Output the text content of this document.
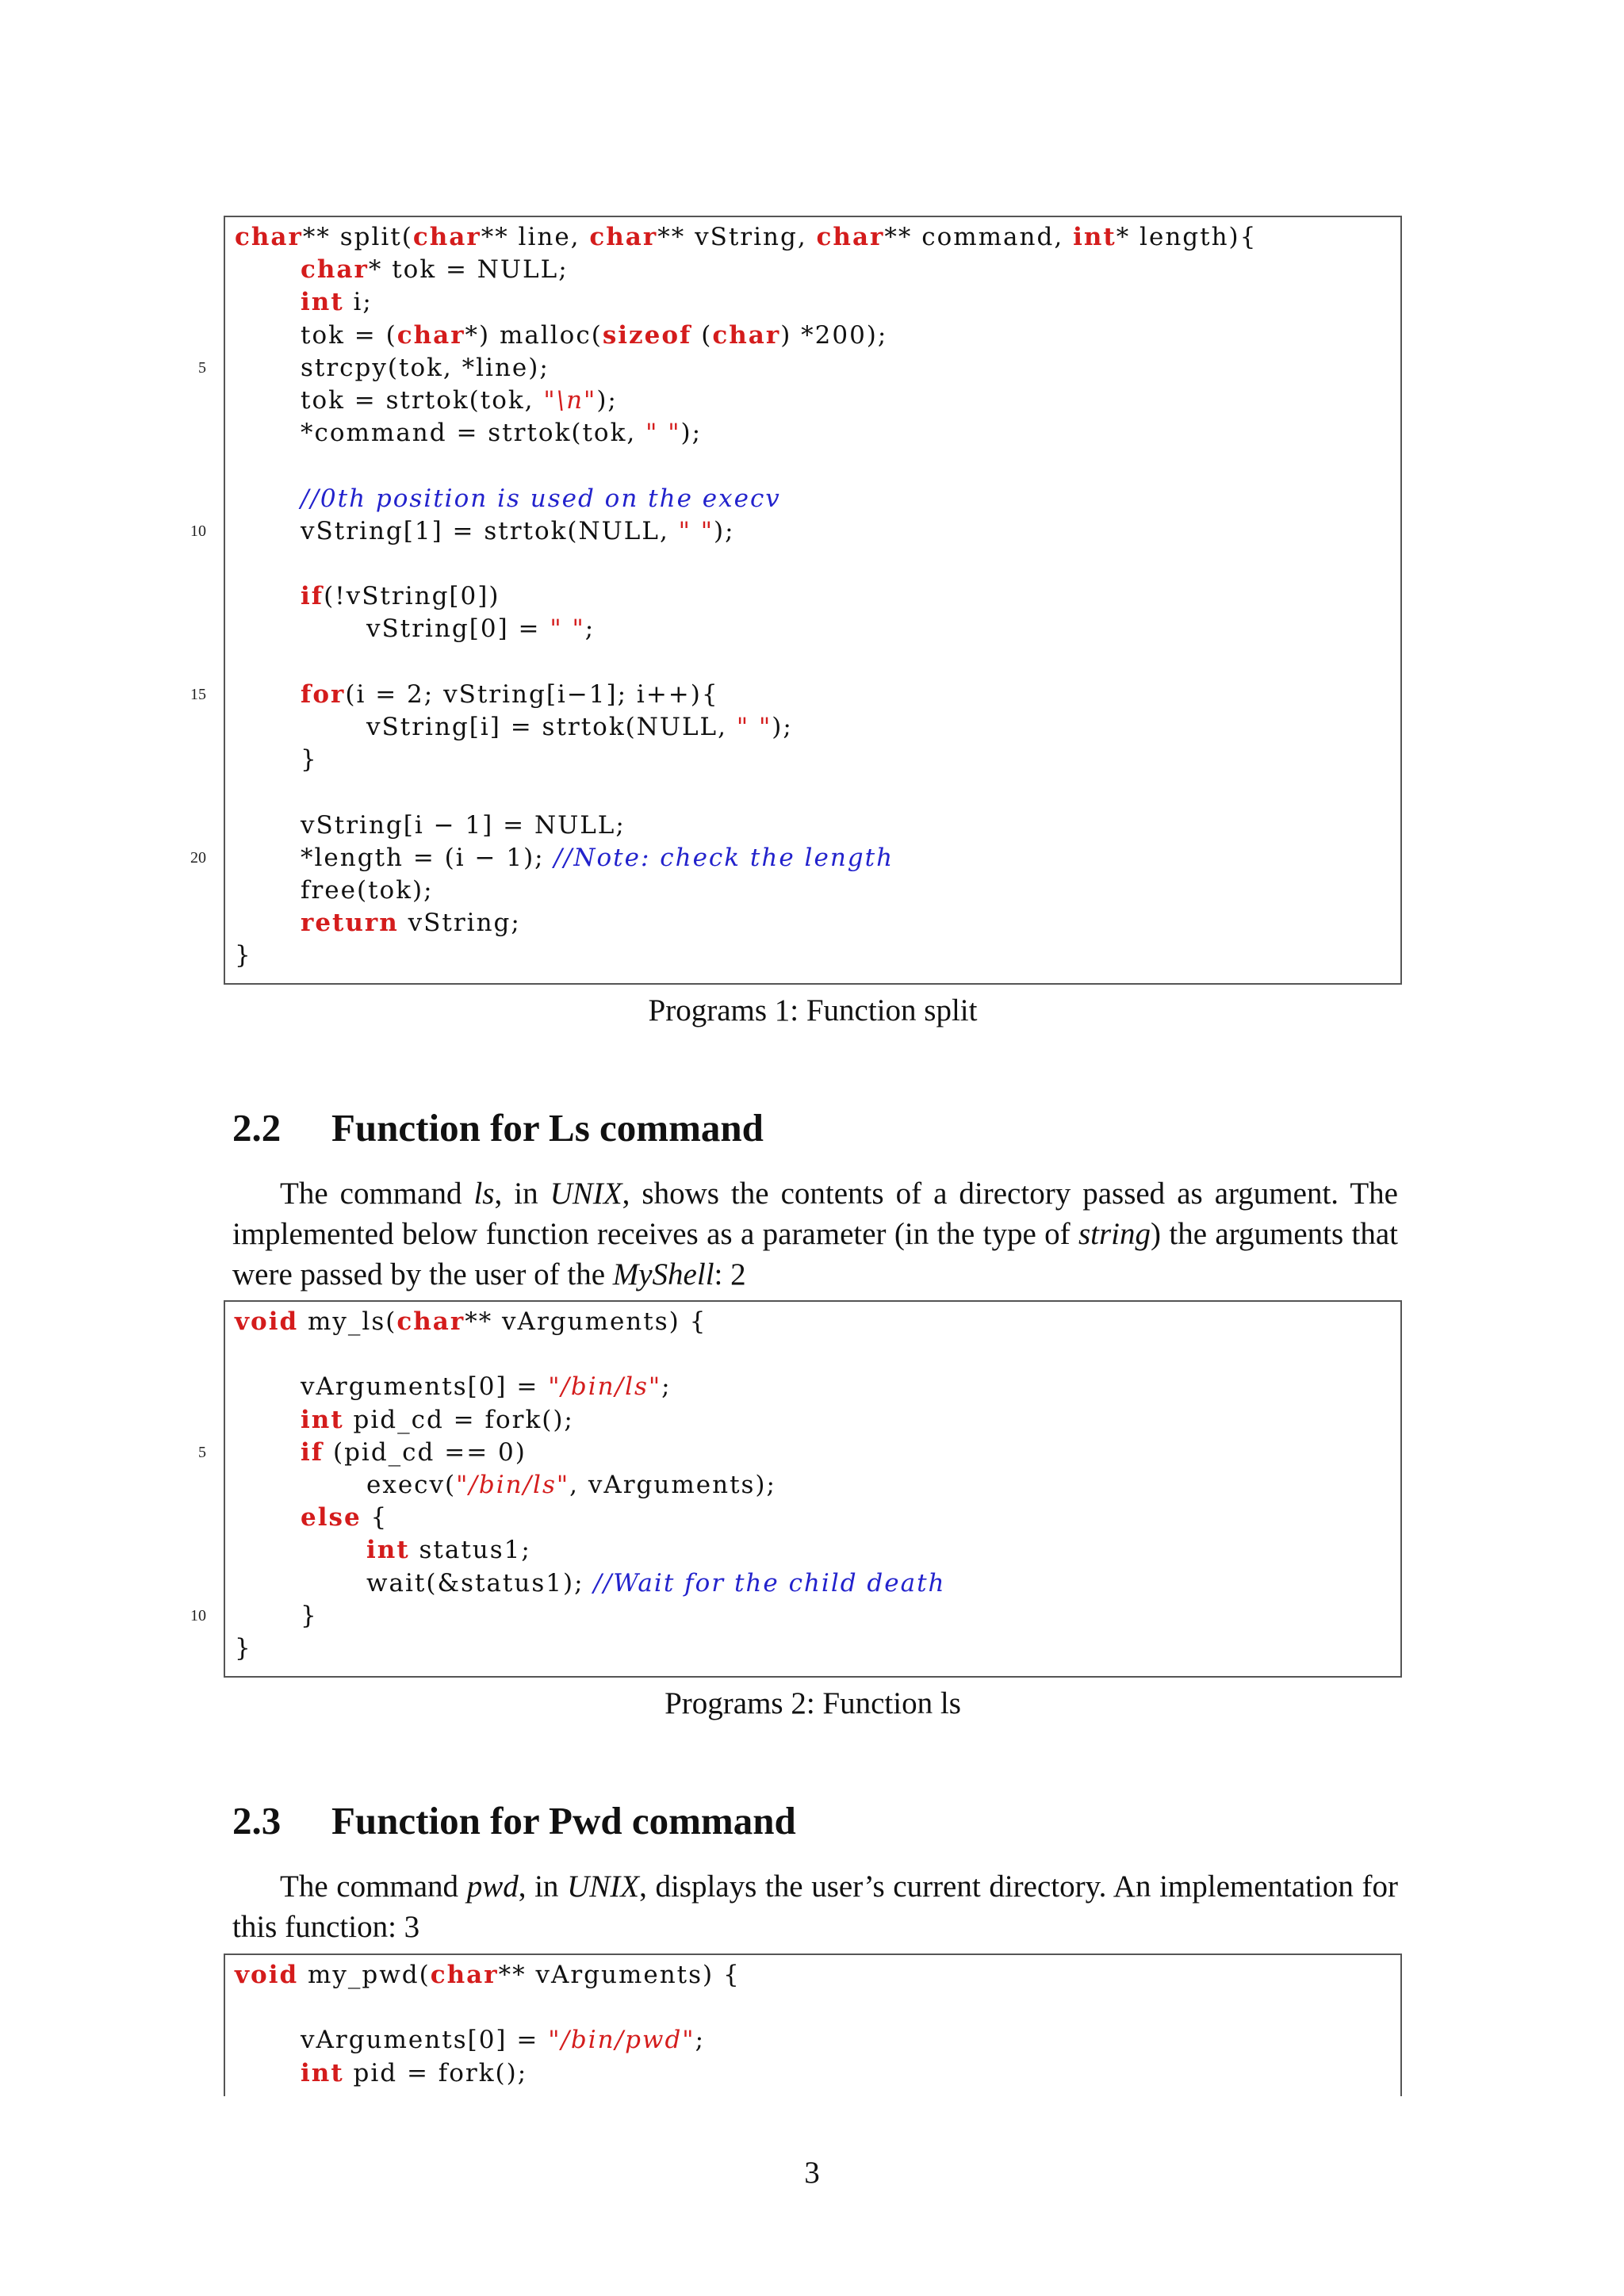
char** split(char** line, char** vString, char** command, int* length){
char* tok = NULL;
int i;
tok = (char*) malloc(sizeof (char) *200);
5	strcpy(tok, *line);
tok = strtok(tok, "\n");
*command = strtok(tok, " ");
//0th position is used on the execv
10	vString[1] = strtok(NULL, " ");
if(!vString[0])
vString[0] = " ";
15	for(i = 2; vString[i−1]; i++){
vString[i] = strtok(NULL, " ");
}
vString[i − 1] = NULL;
20	*length = (i − 1); //Note: check the length
free(tok);
return vString;
}
Programs 1: Function split
2.2 Function for Ls command
The command ls, in UNIX, shows the contents of a directory passed as argument. The implemented below function receives as a parameter (in the type of string) the arguments that were passed by the user of the MyShell: 2
void my_ls(char** vArguments) {
vArguments[0] = "/bin/ls";
int pid_cd = fork();
5	if (pid_cd == 0)
execv("/bin/ls", vArguments);
else {
int status1;
wait(&status1); //Wait for the child death
10	}
}
Programs 2: Function ls
2.3 Function for Pwd command
The command pwd, in UNIX, displays the user’s current directory. An implementation for this function: 3
void my_pwd(char** vArguments) {
vArguments[0] = "/bin/pwd";
int pid = fork();
3
